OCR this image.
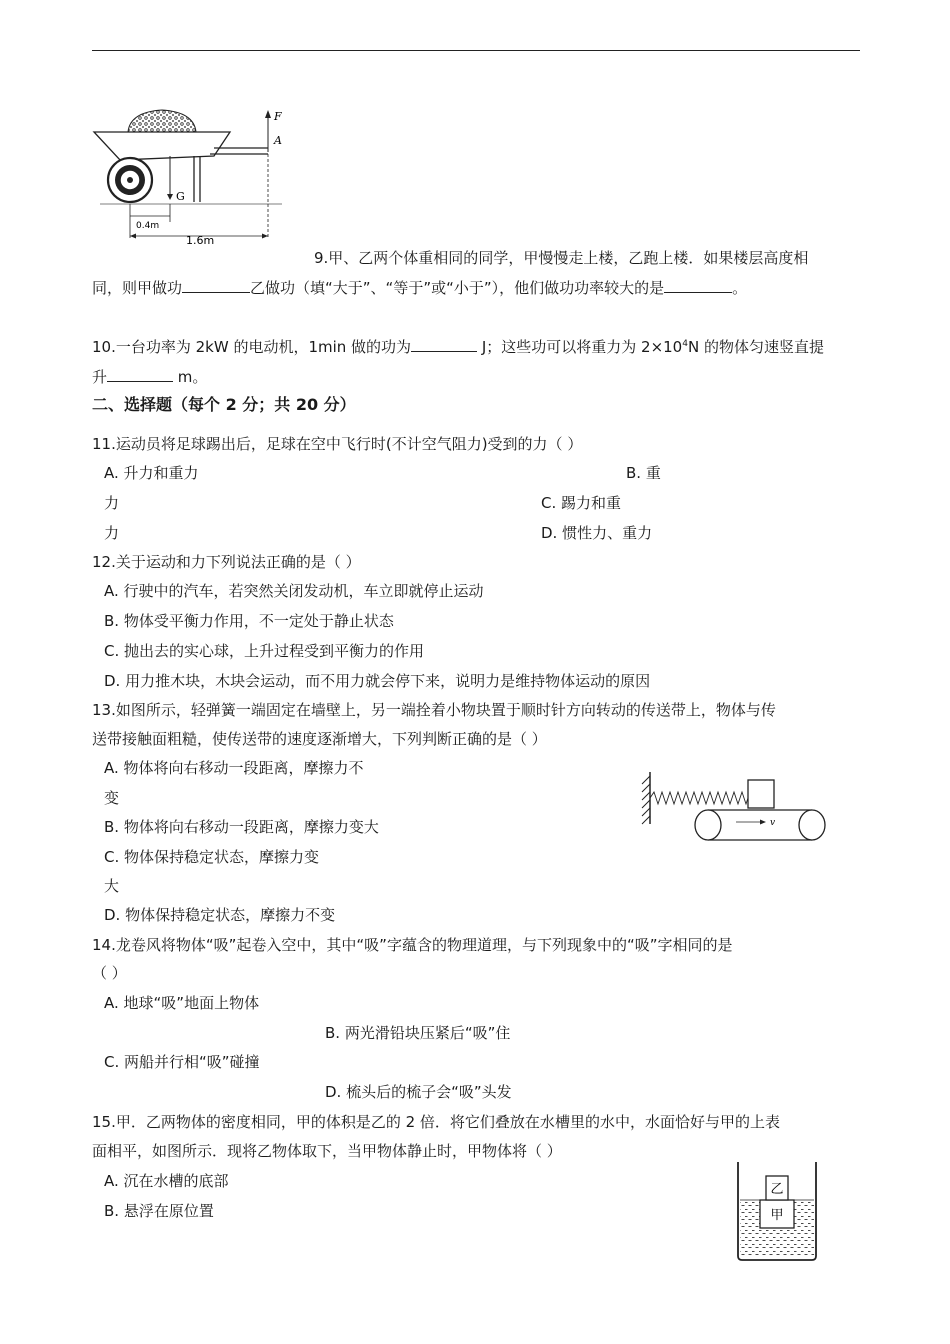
G
F
A
0.4m
1.6m
9.甲、乙两个体重相同的同学，甲慢慢走上楼，乙跑上楼．如果楼层高度相
同，则甲做功	乙做功（填“大于”、“等于”或“小于”），他们做功功率较大的是	。
10.一台功率为 2kW 的电动机，1min 做的功为	J；这些功可以将重力为 $2\times 10^4N$ 的物体匀速竖直提
升	m。
二、选择题（每个 2 分；共 20 分）
11.运动员将足球踢出后，足球在空中飞行时(不计空气阻力)受到的力（ ）
A. 升力和重力	B. 重
力	C. 踢力和重
力	D. 惯性力、重力
12.关于运动和力下列说法正确的是（ ）
A. 行驶中的汽车，若突然关闭发动机，车立即就停止运动
B. 物体受平衡力作用，不一定处于静止状态
C. 抛出去的实心球，上升过程受到平衡力的作用
D. 用力推木块，木块会运动，而不用力就会停下来，说明力是维持物体运动的原因
13.如图所示，轻弹簧一端固定在墙壁上，另一端拴着小物块置于顺时针方向转动的传送带上，物体与传
送带接触面粗糙，使传送带的速度逐渐增大，下列判断正确的是（ ）
A. 物体将向右移动一段距离，摩擦力不
变
B. 物体将向右移动一段距离，摩擦力变大
C. 物体保持稳定状态，摩擦力变
大
D. 物体保持稳定状态，摩擦力不变
v
14.龙卷风将物体“吸”起卷入空中，其中“吸”字蕴含的物理道理，与下列现象中的“吸”字相同的是
（ ）
A. 地球“吸”地面上物体
B. 两光滑铅块压紧后“吸”住
C. 两船并行相“吸”碰撞
D. 梳头后的梳子会“吸”头发
15.甲．乙两物体的密度相同，甲的体积是乙的 2 倍．将它们叠放在水槽里的水中，水面恰好与甲的上表
面相平，如图所示．现将乙物体取下，当甲物体静止时，甲物体将（ ）
A. 沉在水槽的底部
B. 悬浮在原位置
乙
甲
